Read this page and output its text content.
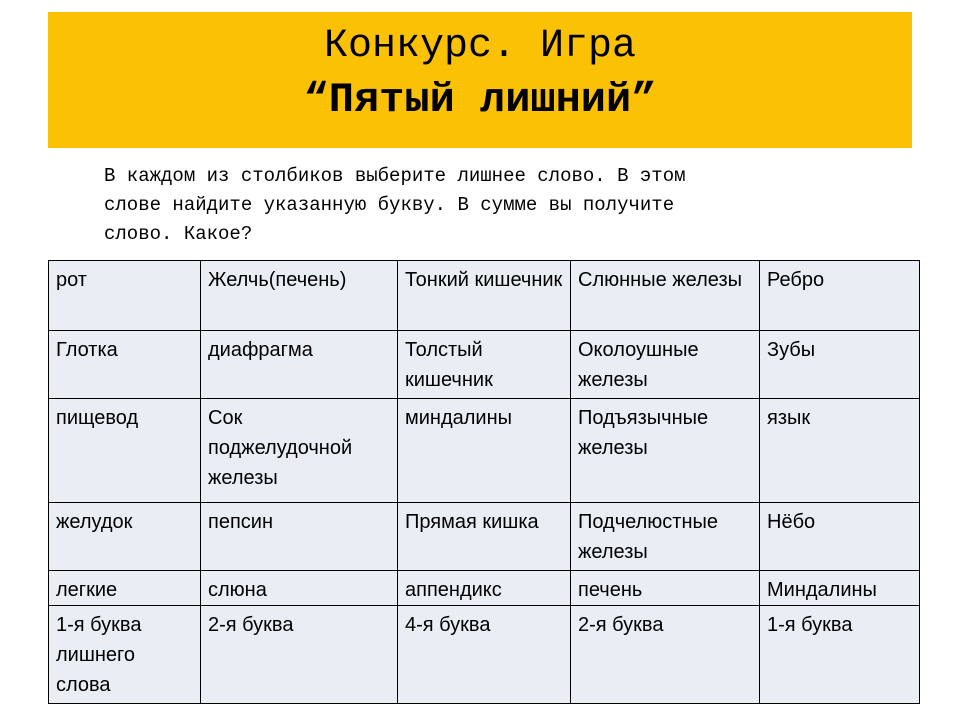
Конкурс. Игра
“Пятый лишний”

В каждом из столбиков выберите лишнее слово. В этом
слове найдите указанную букву. В сумме вы получите
слово. Какое?

рот	Желчь(печень)	Тонкий кишечник	Слюнные железы	Ребро
Глотка	диафрагма	Толстый кишечник	Околоушные железы	Зубы
пищевод	Сок поджелудочной железы	миндалины	Подъязычные железы	язык
желудок	пепсин	Прямая кишка	Подчелюстные железы	Нёбо
легкие	слюна	аппендикс	печень	Миндалины
1-я буква лишнего слова	2-я буква	4-я буква	2-я буква	1-я буква
